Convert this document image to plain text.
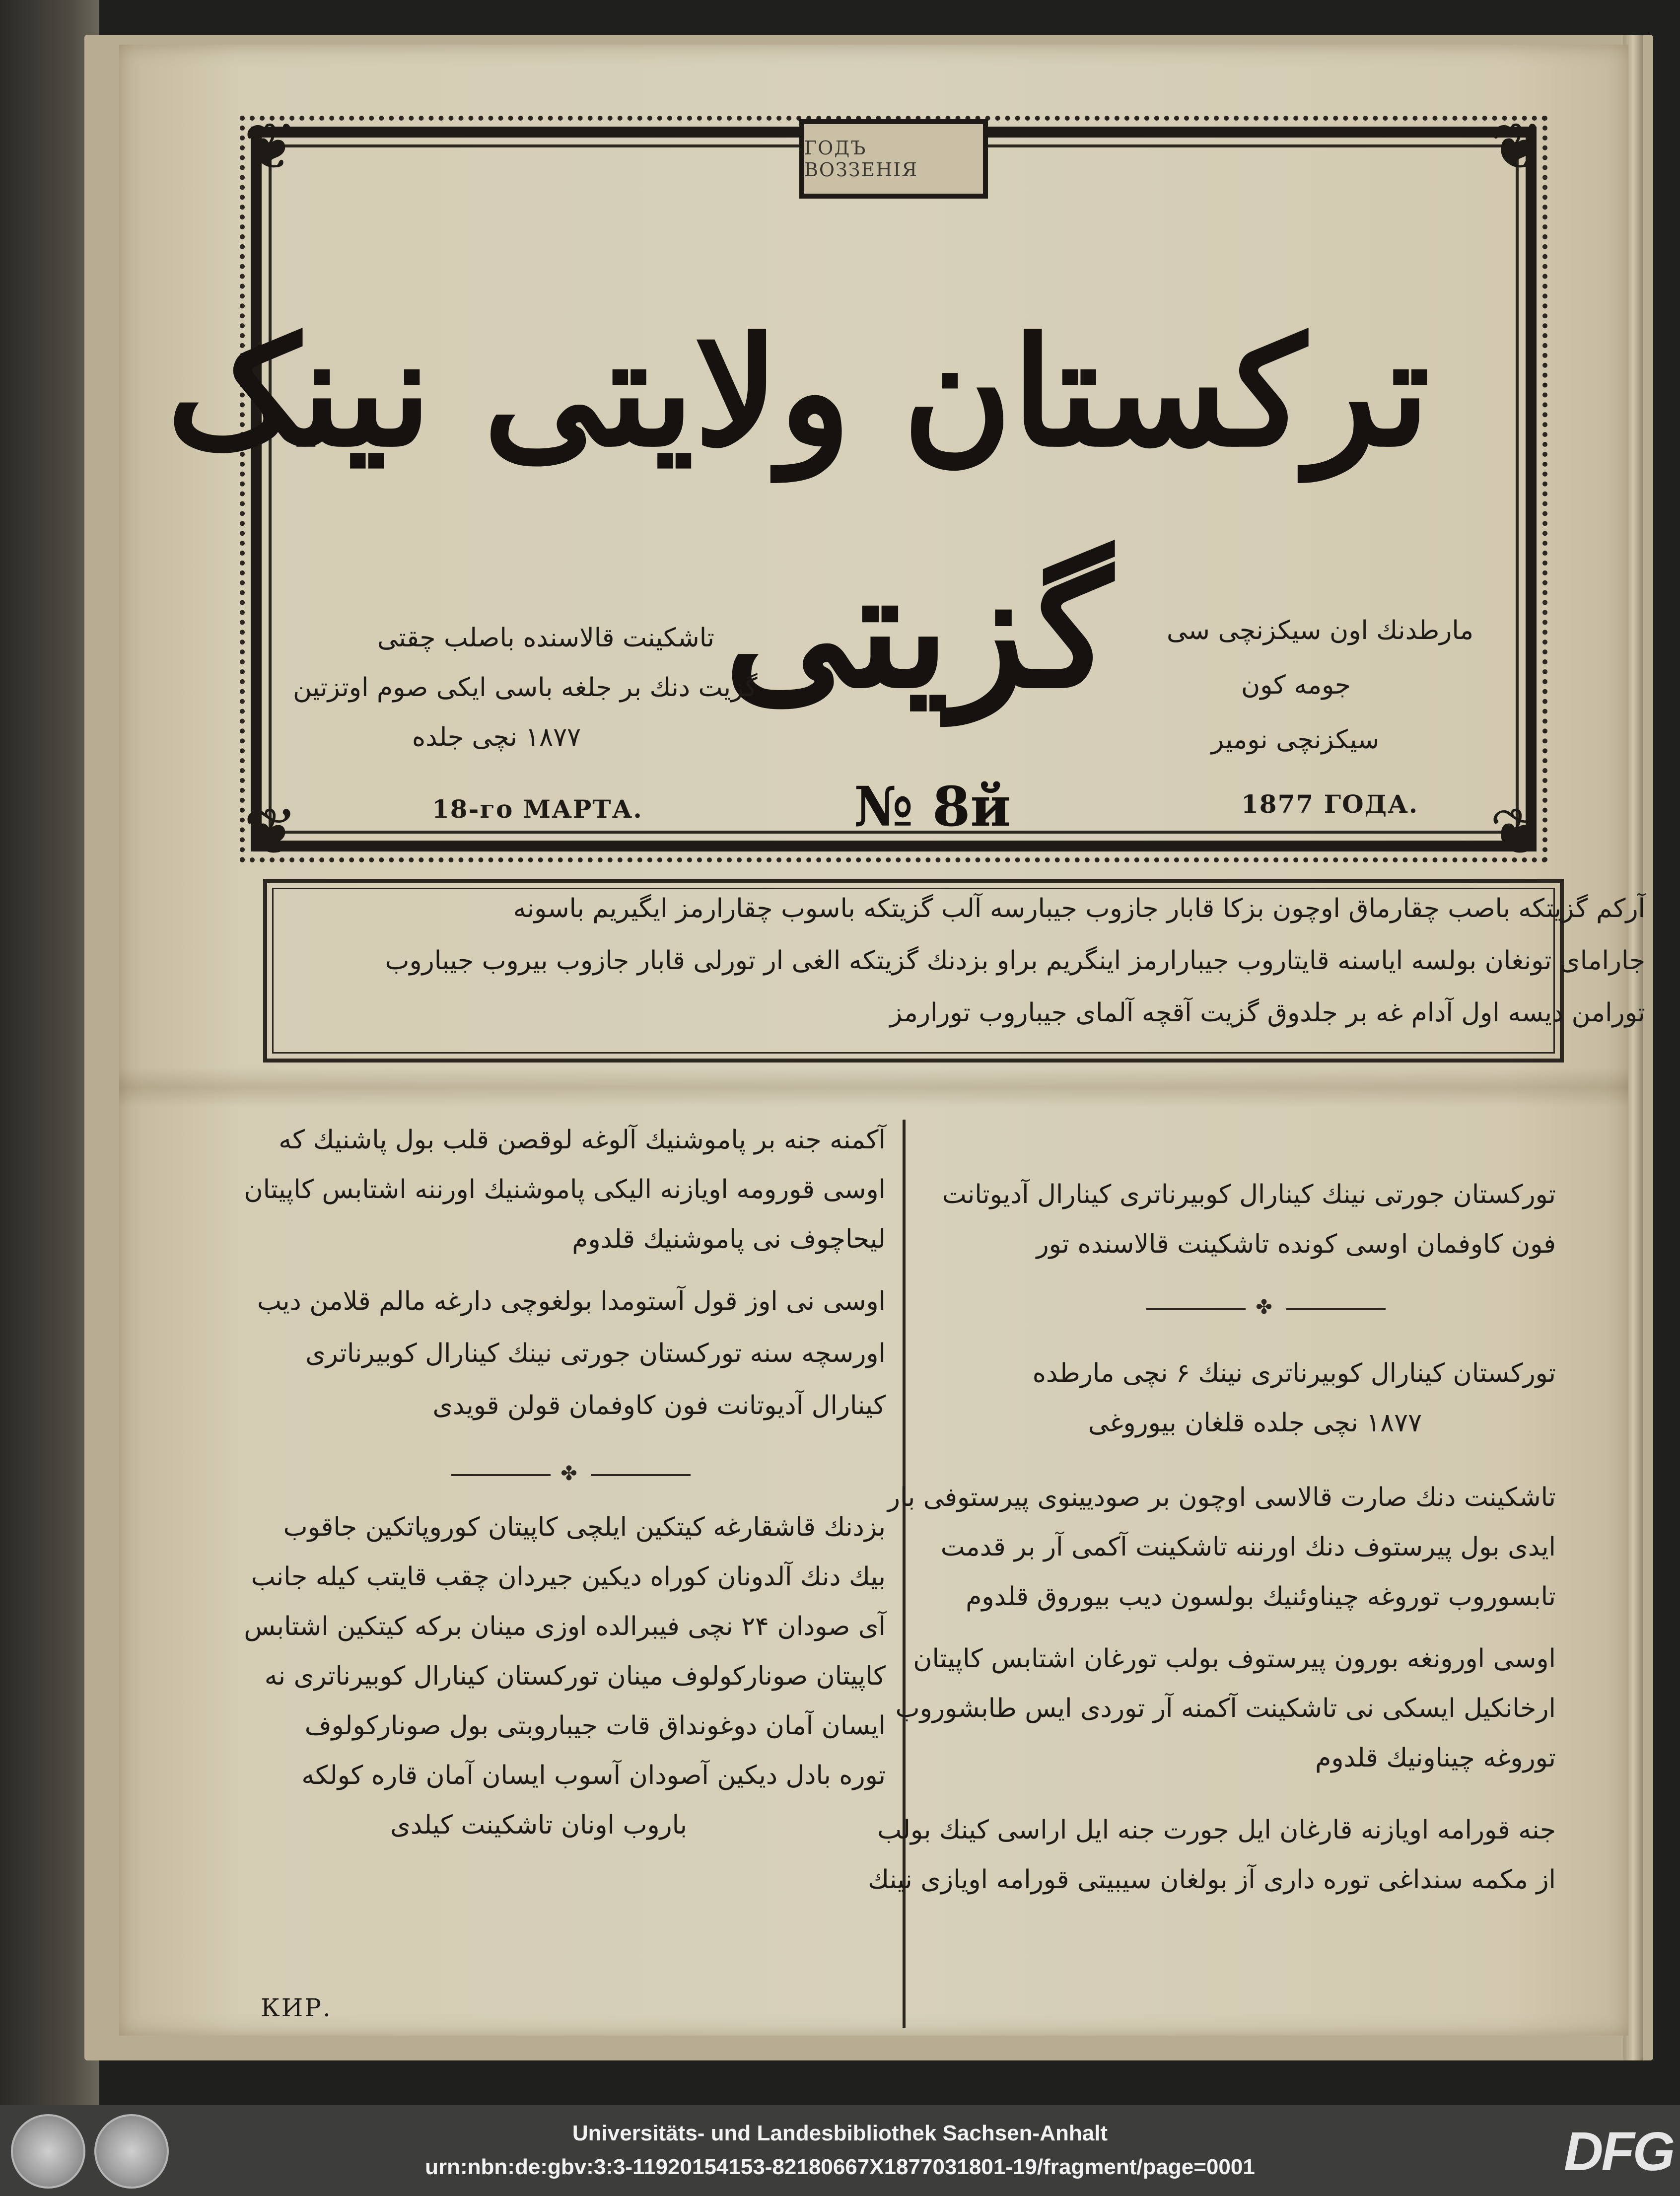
❦	❦
❦	❦
ГОДЪ ВОЗЗЕНІЯ
ترکستان ولایتی نینک
گزیتی
تاشکینت قالاسنده باصلب چقتی
گزیت دنك بر جلغه باسی ایکی صوم اوتزتین
۱۸۷۷ نچی جلده
مارطدنك اون سیکزنچی سی
جومه کون
سیکزنچی نومیر
18-го МАРТА.	1877 ГОДА.
№ 8й
آرکم گزیتکه باصب چقارماق اوچون بزکا قابار جازوب جیبارسه آلب گزیتکه باسوب چقارارمز ایگیریم باسونه
جارامای تونغان بولسه ایاسنه قایتاروب جیبارارمز اینگریم براو بزدنك گزیتکه الغی ار تورلی قابار جازوب بیروب جیباروب
تورامن دیسه اول آدام غه بر جلدوق گزیت آقچه آلمای جیباروب تورارمز
تورکستان جورتی نینك کینارال کوبیرناتری کینارال آدیوتانت
فون کاوفمان اوسی کونده تاشکینت قالاسنده تور
✤
تورکستان کینارال کوبیرناتری نینك ۶ نچی مارطده
۱۸۷۷ نچی جلده قلغان بیوروغی
تاشکینت دنك صارت قالاسی اوچون بر صودیینوی پیرستوفی بار
ایدی بول پیرستوف دنك اورننه تاشکینت آکمی آر بر قدمت
تابسوروب توروغه چیناوئنیك بولسون دیب بیوروق قلدوم
اوسی اورونغه بورون پیرستوف بولب تورغان اشتابس کاپیتان
ارخانکیل ایسکی نی تاشکینت آکمنه آر توردی ایس طابشوروب
توروغه چیناونیك قلدوم
جنه قورامه اویازنه قارغان ایل جورت جنه ایل اراسی کینك بولب
از مکمه سنداغی توره داری آز بولغان سیبیتی قورامه اویازی نینك
آکمنه جنه بر پاموشنیك آلوغه لوقصن قلب بول پاشنیك که
اوسی قورومه اویازنه الیکی پاموشنیك اورننه اشتابس کاپیتان
لیحاچوف نی پاموشنیك قلدوم
اوسی نی اوز قول آستومدا بولغوچی دارغه مالم قلامن دیب
اورسچه سنه تورکستان جورتی نینك کینارال کوبیرناتری
کینارال آدیوتانت فون کاوفمان قولن قویدی
✤
بزدنك قاشقارغه کیتکین ایلچی کاپیتان کوروپاتکین جاقوب
بیك دنك آلدونان کوراه دیکین جیردان چقب قایتب کیله جانب
آی صودان ۲۴ نچی فیبرالده اوزی مینان برکه کیتکین اشتابس
کاپیتان صونارکولوف مینان تورکستان کینارال کوبیرناتری نه
ایسان آمان دوغونداق قات جیباروبتی بول صونارکولوف
توره بادل دیکین آصودان آسوب ایسان آمان قاره کولکه
باروب اونان تاشکینت کیلدی
КИР.
Universitäts- und Landesbibliothek Sachsen-Anhalt
urn:nbn:de:gbv:3:3-11920154153-82180667X1877031801-19/fragment/page=0001	DFG
